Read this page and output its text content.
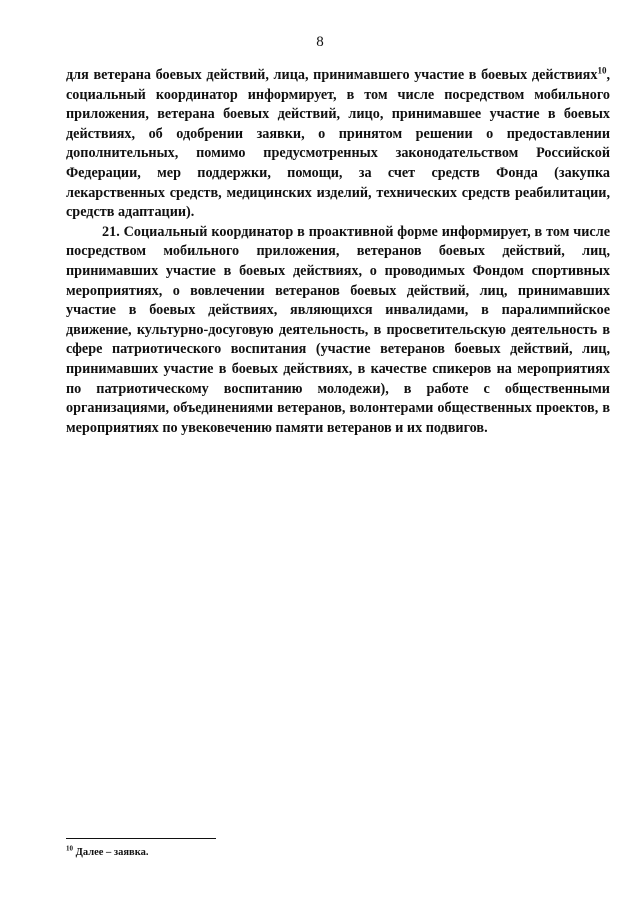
8

для ветерана боевых действий, лица, принимавшего участие в боевых действиях$^{10}$, социальный координатор информирует, в том числе посредством мобильного приложения, ветерана боевых действий, лицо, принимавшее участие в боевых действиях, об одобрении заявки, о принятом решении о предоставлении дополнительных, помимо предусмотренных законодательством Российской Федерации, мер поддержки, помощи, за счет средств Фонда (закупка лекарственных средств, медицинских изделий, технических средств реабилитации, средств адаптации).

21. Социальный координатор в проактивной форме информирует, в том числе посредством мобильного приложения, ветеранов боевых действий, лиц, принимавших участие в боевых действиях, о проводимых Фондом спортивных мероприятиях, о вовлечении ветеранов боевых действий, лиц, принимавших участие в боевых действиях, являющихся инвалидами, в паралимпийское движение, культурно-досуговую деятельность, в просветительскую деятельность в сфере патриотического воспитания (участие ветеранов боевых действий, лиц, принимавших участие в боевых действиях, в качестве спикеров на мероприятиях по патриотическому воспитанию молодежи), в работе с общественными организациями, объединениями ветеранов, волонтерами общественных проектов, в мероприятиях по увековечению памяти ветеранов и их подвигов.

$^{10}$ Далее – заявка.
